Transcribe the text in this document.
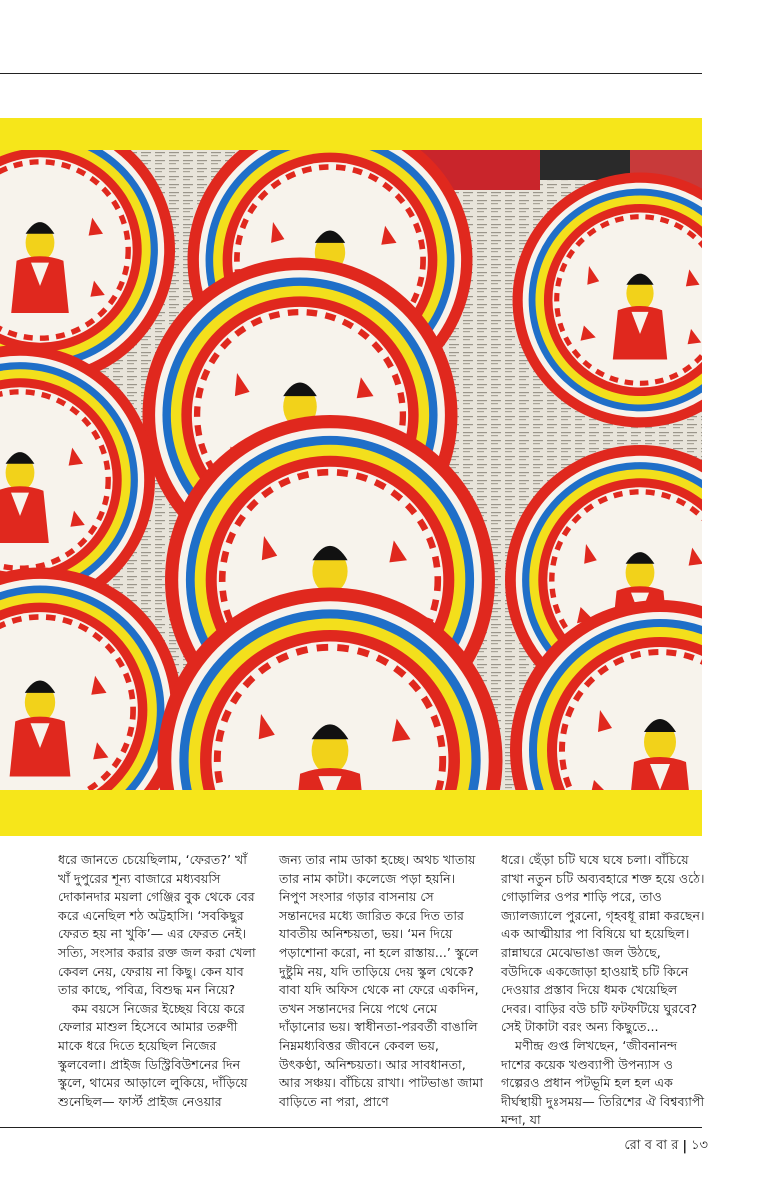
ধরে জানতে চেয়েছিলাম, ‘ফেরত?’ খাঁ খাঁ দুপুরের শূন্য বাজারে মধ্যবয়সি দোকানদার ময়লা গেঞ্জির বুক থেকে বের করে এনেছিল শঠ অট্টহাসি। ‘সবকিছুর ফেরত হয় না খুকি’— এর ফেরত নেই। সত্যি, সংসার করার রক্ত জল করা খেলা কেবল নেয়, ফেরায় না কিছু। কেন যাব তার কাছে, পবিত্র, বিশুদ্ধ মন নিয়ে?

কম বয়সে নিজের ইচ্ছেয় বিয়ে করে ফেলার মাশুল হিসেবে আমার তরুণী মাকে ধরে দিতে হয়েছিল নিজের স্কুলবেলা। প্রাইজ ডিস্ট্রিবিউশনের দিন স্কুলে, থামের আড়ালে লুকিয়ে, দাঁড়িয়ে শুনেছিল— ফার্স্ট প্রাইজ নেওয়ার

জন্য তার নাম ডাকা হচ্ছে। অথচ খাতায় তার নাম কাটা। কলেজে পড়া হয়নি। নিপুণ সংসার গড়ার বাসনায় সে সন্তানদের মধ্যে জারিত করে দিত তার যাবতীয় অনিশ্চয়তা, ভয়। ‘মন দিয়ে পড়াশোনা করো, না হলে রাস্তায়...’ স্কুলে দুষ্টুমি নয়, যদি তাড়িয়ে দেয় স্কুল থেকে? বাবা যদি অফিস থেকে না ফেরে একদিন, তখন সন্তানদের নিয়ে পথে নেমে দাঁড়ানোর ভয়। স্বাধীনতা-পরবর্তী বাঙালি নিম্নমধ্যবিত্তর জীবনে কেবল ভয়, উৎকণ্ঠা, অনিশ্চয়তা। আর সাবধানতা, আর সঞ্চয়। বাঁচিয়ে রাখা। পাটভাঙা জামা বাড়িতে না পরা, প্রাণে

ধরে। ছেঁড়া চটি ঘষে ঘষে চলা। বাঁচিয়ে রাখা নতুন চটি অব্যবহারে শক্ত হয়ে ওঠে। গোড়ালির ওপর শাড়ি পরে, তাও জ্যালজ্যালে পুরনো, গৃহবধূ রান্না করছেন। এক আত্মীয়ার পা বিষিয়ে ঘা হয়েছিল। রান্নাঘরে মেঝেভাঙা জল উঠছে, বউদিকে একজোড়া হাওয়াই চটি কিনে দেওয়ার প্রস্তাব দিয়ে ধমক খেয়েছিল দেবর। বাড়ির বউ চটি ফটফটিয়ে ঘুরবে? সেই টাকাটা বরং অন্য কিছুতে...

মণীন্দ্র গুপ্ত লিখছেন, ‘জীবনানন্দ দাশের কয়েক খণ্ডব্যাপী উপন্যাস ও গল্পেরও প্রধান পটভূমি হল হল এক দীর্ঘস্থায়ী দুঃসময়— তিরিশের ঐ বিশ্বব্যাপী মন্দা, যা

রো ব বা র | ১৩
